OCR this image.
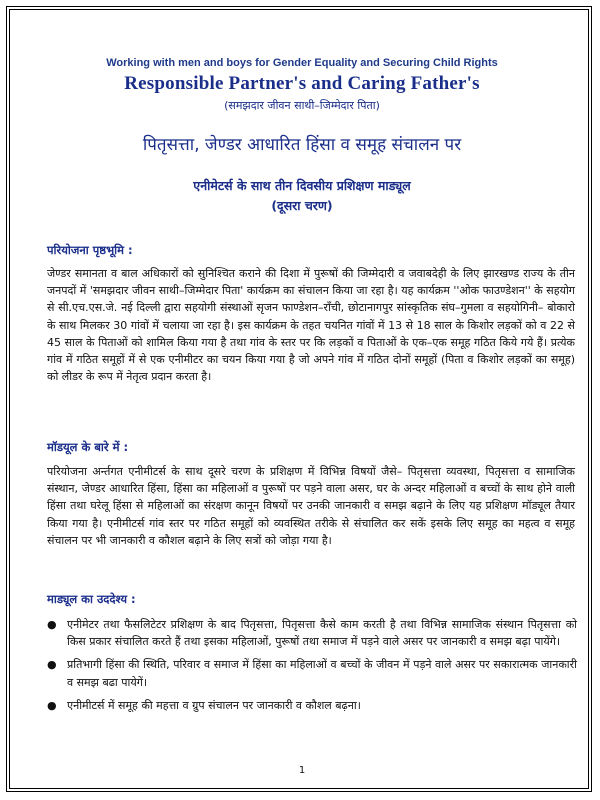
Working with men and boys for Gender Equality and Securing Child Rights
Responsible Partner's and Caring Father's
(समझदार जीवन साथी–जिम्मेदार पिता)
पितृसत्ता, जेण्डर आधारित हिंसा व समूह संचालन पर
एनीमेटर्स के साथ तीन दिवसीय प्रशिक्षण माड्यूल
(दूसरा चरण)
परियोजना पृष्ठभूमि :
जेण्डर समानता व बाल अधिकारों को सुनिश्चित कराने की दिशा में पुरूषों की जिम्मेदारी व जवाबदेही के लिए झारखण्ड राज्य के तीन जनपदों में 'समझदार जीवन साथी–जिम्मेदार पिता' कार्यक्रम का संचालन किया जा रहा है। यह कार्यक्रम ''ओक फाउण्डेशन'' के सहयोग से सी.एच.एस.जे. नई दिल्ली द्वारा सहयोगी संस्थाओं सृजन फाण्डेशन–राँची, छोटानागपुर सांस्कृतिक संघ–गुमला व सहयोगिनी– बोकारो के साथ मिलकर 30 गांवों में चलाया जा रहा है। इस कार्यक्रम के तहत चयनित गांवों में 13 से 18 साल के किशोर लड़कों को व 22 से 45 साल के पिताओं को शामिल किया गया है तथा गांव के स्तर पर कि लड़कों व पिताओं के एक–एक समूह गठित किये गये हैं। प्रत्येक गांव में गठित समूहों में से एक एनीमीटर का चयन किया गया है जो अपने गांव में गठित दोनों समूहों (पिता व किशोर लड़कों का समूह) को लीडर के रूप में नेतृत्व प्रदान करता है।
मॉडयूल के बारे में :
परियोजना अर्न्तगत एनीमीटर्स के साथ दूसरे चरण के प्रशिक्षण में विभिन्न विषयों जैसे– पितृसत्ता व्यवस्था, पितृसत्ता व सामाजिक संस्थान, जेण्डर आधारित हिंसा, हिंसा का महिलाओं व पुरूषों पर पड़ने वाला असर, घर के अन्दर महिलाओं व बच्चों के साथ होने वाली हिंसा तथा घरेलू हिंसा से महिलाओं का संरक्षण कानून विषयों पर उनकी जानकारी व समझ बढ़ाने के लिए यह प्रशिक्षण मॉड्यूल तैयार किया गया है। एनीमीटर्स गांव स्तर पर गठित समूहों को व्यवस्थित तरीके से संचालित कर सकें इसके लिए समूह का महत्व व समूह संचालन पर भी जानकारी व कौशल बढ़ाने के लिए सत्रों को जोड़ा गया है।
माड्यूल का उददेश्य :
● एनीमेटर तथा फैसलिटेटर प्रशिक्षण के बाद पितृसत्ता, पितृसत्ता कैसे काम करती है तथा विभिन्न सामाजिक संस्थान पितृसत्ता को किस प्रकार संचालित करते हैं तथा इसका महिलाओं, पुरूषों तथा समाज में पड़ने वाले असर पर जानकारी व समझ बढ़ा पायेंगे।
● प्रतिभागी हिंसा की स्थिति, परिवार व समाज में हिंसा का महिलाओं व बच्चों के जीवन में पड़ने वाले असर पर सकारात्मक जानकारी व समझ बढा पायेगें।
● एनीमीटर्स में समूह की महत्ता व ग्रुप संचालन पर जानकारी व कौशल बढ़ना।
1
